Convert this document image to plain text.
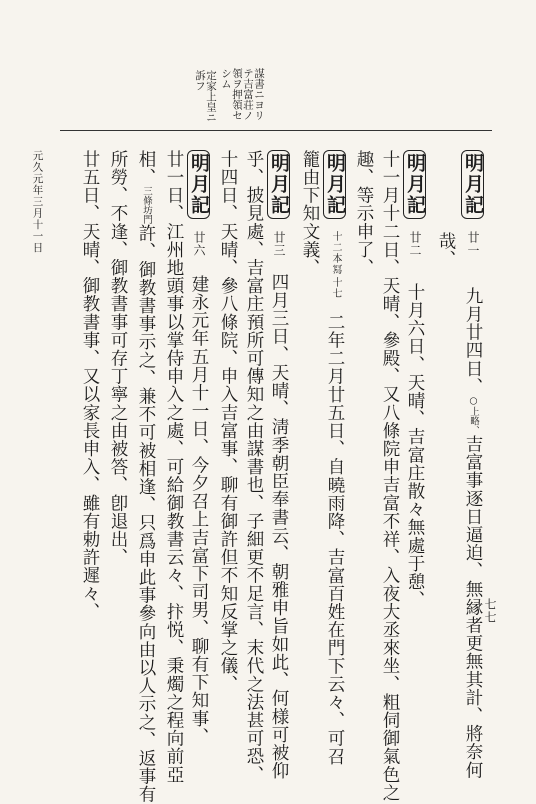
謀書ニヨリテ吉富荘ノ領ヲ押領セシム
定家上皇ニ訴フ
明月記廿一九月廿四日、○上略、吉富事逐日逼迫、無縁者更無其計、將奈何
哉、
明月記廿二十月六日、天晴、吉富庄散々無處于憩、
十一月十二日、天晴、參殿、又八條院申吉富不祥、入夜大丞來坐、粗伺御氣色之
趣、等示申了、
明月記十二本冩十七二年二月廿五日、自曉雨降、吉富百姓在門下云々、可召
籠由下知文義、
明月記廿三四月三日、天晴、淸季朝臣奉書云、朝雅申旨如此、何様可被仰
乎、披見處、吉富庄預所可傳知之由謀書也、子細更不足言、末代之法甚可恐、
十四日、天晴、參八條院、申入吉富事、聊有御許但不知反掌之儀、
明月記廿六建永元年五月十一日、今夕召上吉富下司男、聊有下知事、
廿一日、江州地頭事以掌侍申入之處、可給御教書云々、抃悦、秉燭之程向前亞
相、三條坊門許、御教書事示之、兼不可被相逢、只爲申此事參向由以人示之、返事有
所勞、不逢、御教書事可存丁寧之由被答、卽退出、
廿五日、天晴、御教書事、又以家長申入、雖有勅許遲々、
元久元年三月十一日
七七
